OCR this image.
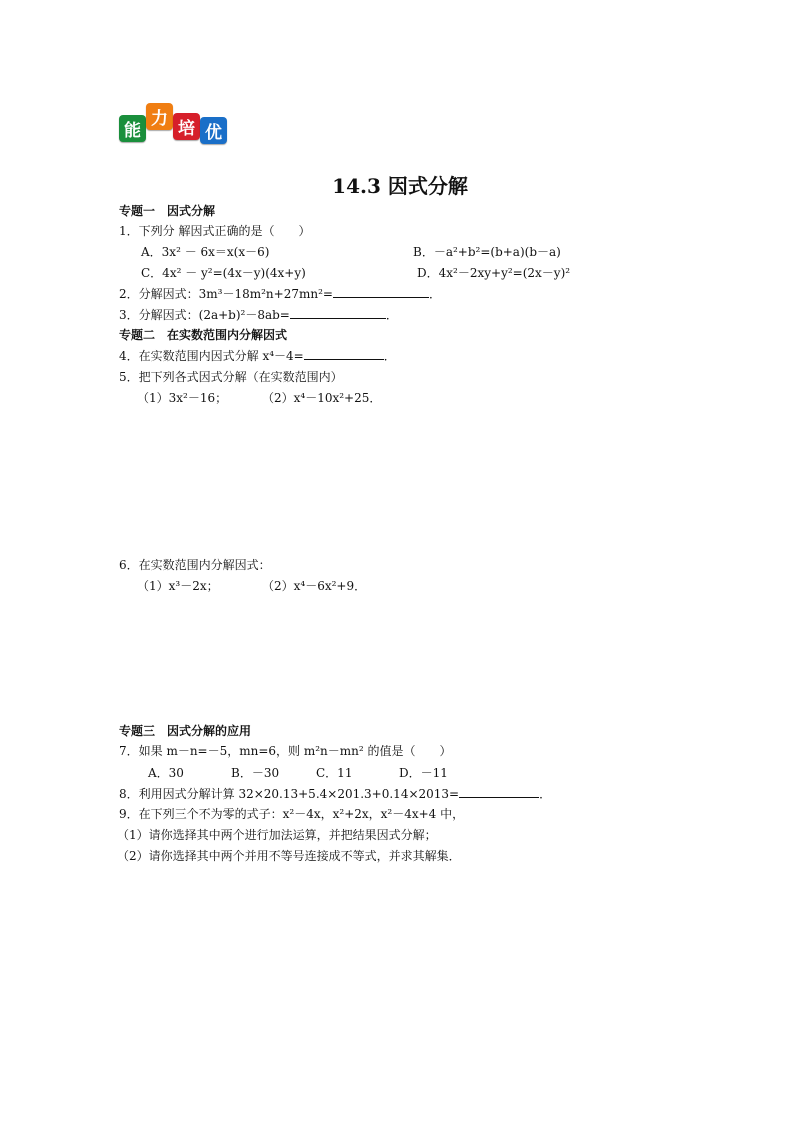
能
力 培 优
14.3 因式分解
专题一　因式分解
1．下列分 解因式正确的是（　　）
A．3x² － 6x＝x(x－6)	B．－a²+b²=(b+a)(b－a)
C．4x² － y²=(4x－y)(4x+y)	D．4x²－2xy+y²=(2x－y)²
2．分解因式：3m³－18m²n+27mn²=	．
3．分解因式：(2a+b)²－8ab=	．
专题二　在实数范围内分解因式
4．在实数范围内因式分解 x⁴－4=	．
5．把下列各式因式分解（在实数范围内）
（1）3x²－16；	（2）x⁴－10x²+25．
6．在实数范围内分解因式：
（1）x³－2x；	（2）x⁴－6x²+9．
专题三　因式分解的应用
7．如果 m－n=－5，mn=6，则 m²n－mn² 的值是（　　）
A．30	B．－30	C．11	D．－11
8．利用因式分解计算 32×20.13+5.4×201.3+0.14×2013=	．
9．在下列三个不为零的式子：x²－4x，x²+2x，x²－4x+4 中，
（1）请你选择其中两个进行加法运算，并把结果因式分解；
（2）请你选择其中两个并用不等号连接成不等式，并求其解集．
